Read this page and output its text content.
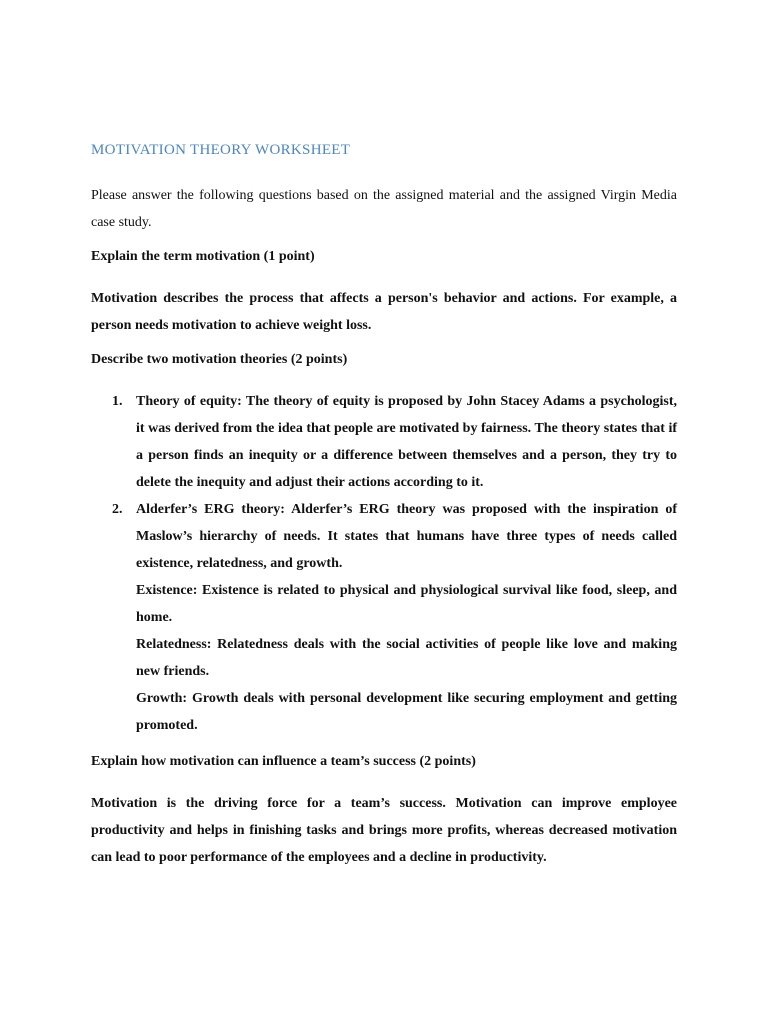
MOTIVATION THEORY WORKSHEET

Please answer the following questions based on the assigned material and the assigned Virgin Media case study.

Explain the term motivation (1 point)

Motivation describes the process that affects a person's behavior and actions. For example, a person needs motivation to achieve weight loss.

Describe two motivation theories (2 points)
1. Theory of equity: The theory of equity is proposed by John Stacey Adams a psychologist, it was derived from the idea that people are motivated by fairness. The theory states that if a person finds an inequity or a difference between themselves and a person, they try to delete the inequity and adjust their actions according to it.
2. Alderfer’s ERG theory: Alderfer’s ERG theory was proposed with the inspiration of Maslow’s hierarchy of needs. It states that humans have three types of needs called existence, relatedness, and growth.
Existence: Existence is related to physical and physiological survival like food, sleep, and home.
Relatedness: Relatedness deals with the social activities of people like love and making new friends.
Growth: Growth deals with personal development like securing employment and getting promoted.
Explain how motivation can influence a team’s success (2 points)

Motivation is the driving force for a team’s success. Motivation can improve employee productivity and helps in finishing tasks and brings more profits, whereas decreased motivation can lead to poor performance of the employees and a decline in productivity.
